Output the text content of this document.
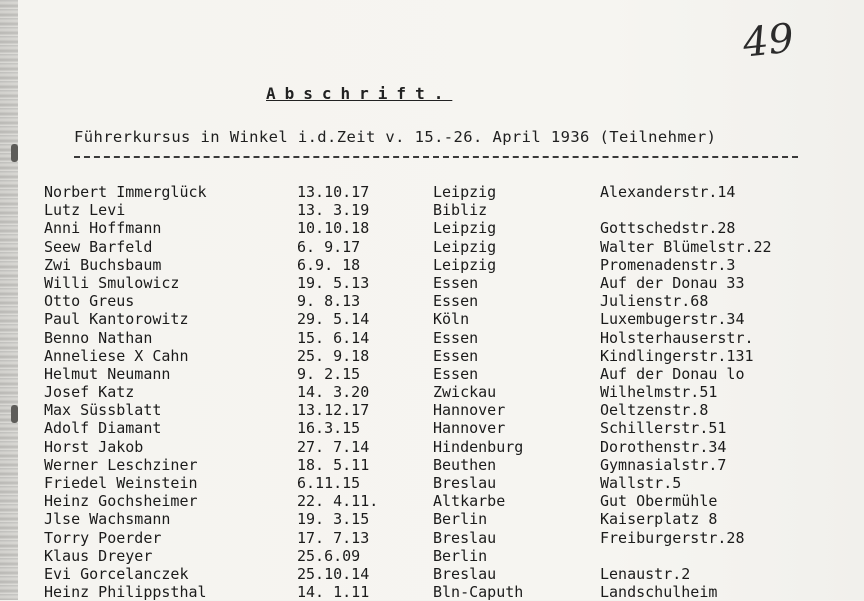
49
Abschrift.
Führerkursus in Winkel i.d.Zeit v. 15.-26. April 1936 (Teilnehmer)
Norbert Immerglück	13.10.17	Leipzig	Alexanderstr.14
Lutz Levi	13. 3.19	Bibliz
Anni Hoffmann	10.10.18	Leipzig	Gottschedstr.28
Seew Barfeld	6. 9.17	Leipzig	Walter Blümelstr.22
Zwi Buchsbaum	6.9. 18	Leipzig	Promenadenstr.3
Willi Smulowicz	19. 5.13	Essen	Auf der Donau 33
Otto Greus	9. 8.13	Essen	Julienstr.68
Paul Kantorowitz	29. 5.14	Köln	Luxembugerstr.34
Benno Nathan	15. 6.14	Essen	Holsterhauserstr.
Anneliese X Cahn	25. 9.18	Essen	Kindlingerstr.131
Helmut Neumann	9. 2.15	Essen	Auf der Donau lo
Josef Katz	14. 3.20	Zwickau	Wilhelmstr.51
Max Süssblatt	13.12.17	Hannover	Oeltzenstr.8
Adolf Diamant	16.3.15	Hannover	Schillerstr.51
Horst Jakob	27. 7.14	Hindenburg	Dorothenstr.34
Werner Leschziner	18. 5.11	Beuthen	Gymnasialstr.7
Friedel Weinstein	6.11.15	Breslau	Wallstr.5
Heinz Gochsheimer	22. 4.11.	Altkarbe	Gut Obermühle
Jlse Wachsmann	19. 3.15	Berlin	Kaiserplatz 8
Torry Poerder	17. 7.13	Breslau	Freiburgerstr.28
Klaus Dreyer	25.6.09	Berlin
Evi Gorcelanczek	25.10.14	Breslau	Lenaustr.2
Heinz Philippsthal	14. 1.11	Bln-Caputh	Landschulheim
